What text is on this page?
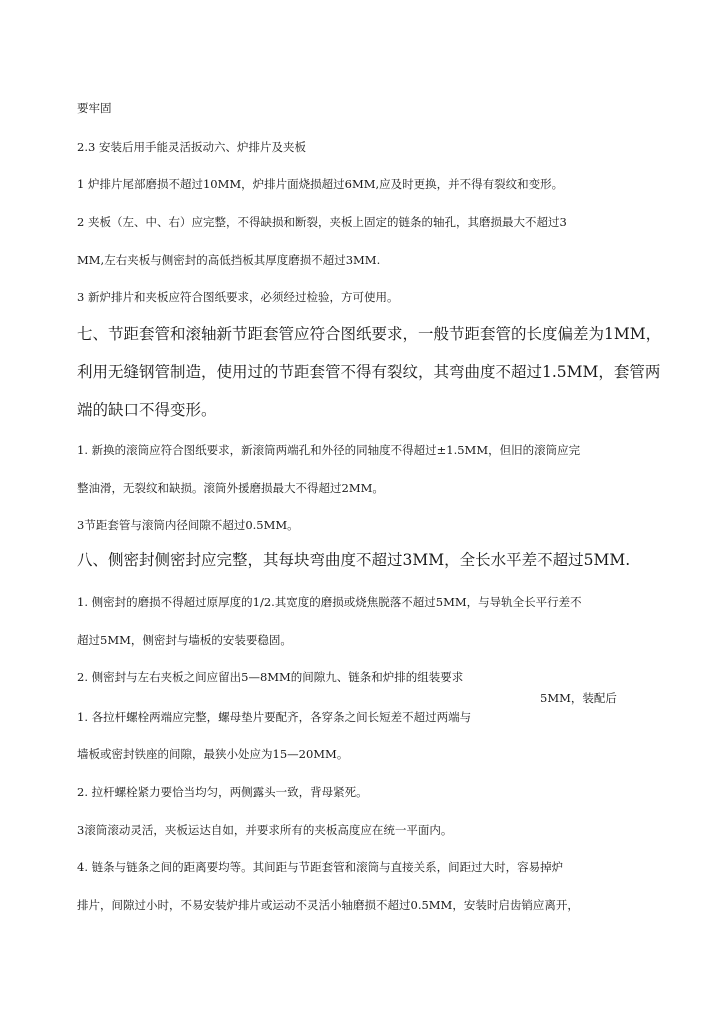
要牢固
2.3 安装后用手能灵活扳动六、炉排片及夹板
1 炉排片尾部磨损不超过10MM，炉排片面烧损超过6MM,应及时更换，并不得有裂纹和变形。
2 夹板（左、中、右）应完整，不得缺损和断裂，夹板上固定的链条的轴孔，其磨损最大不超过3
MM,左右夹板与侧密封的高低挡板其厚度磨损不超过3MM.
3 新炉排片和夹板应符合图纸要求，必须经过检验，方可使用。
七、节距套管和滚轴新节距套管应符合图纸要求，一般节距套管的长度偏差为1MM，
利用无缝钢管制造，使用过的节距套管不得有裂纹，其弯曲度不超过1.5MM，套管两
端的缺口不得变形。
1. 新换的滚筒应符合图纸要求，新滚筒两端孔和外径的同轴度不得超过±1.5MM，但旧的滚筒应完
整油滑，无裂纹和缺损。滚筒外援磨损最大不得超过2MM。
3节距套管与滚筒内径间隙不超过0.5MM。
八、侧密封侧密封应完整，其每块弯曲度不超过3MM，全长水平差不超过5MM.
1. 侧密封的磨损不得超过原厚度的1/2.其宽度的磨损或烧焦脱落不超过5MM，与导轨全长平行差不
超过5MM，侧密封与墙板的安装要稳固。
2. 侧密封与左右夹板之间应留出5—8MM的间隙九、链条和炉排的组装要求
5MM，装配后
1. 各拉杆螺栓两端应完整，螺母垫片要配齐，各穿条之间长短差不超过两端与
墙板或密封铁座的间隙，最狭小处应为15—20MM。
2. 拉杆螺栓紧力要恰当均匀，两侧露头一致，背母紧死。
3滚筒滚动灵活，夹板运达自如，并要求所有的夹板高度应在统一平面内。
4. 链条与链条之间的距离要均等。其间距与节距套管和滚筒与直接关系，间距过大时，容易掉炉
排片，间隙过小时，不易安装炉排片或运动不灵活小轴磨损不超过0.5MM，安装时启齿销应离开，
